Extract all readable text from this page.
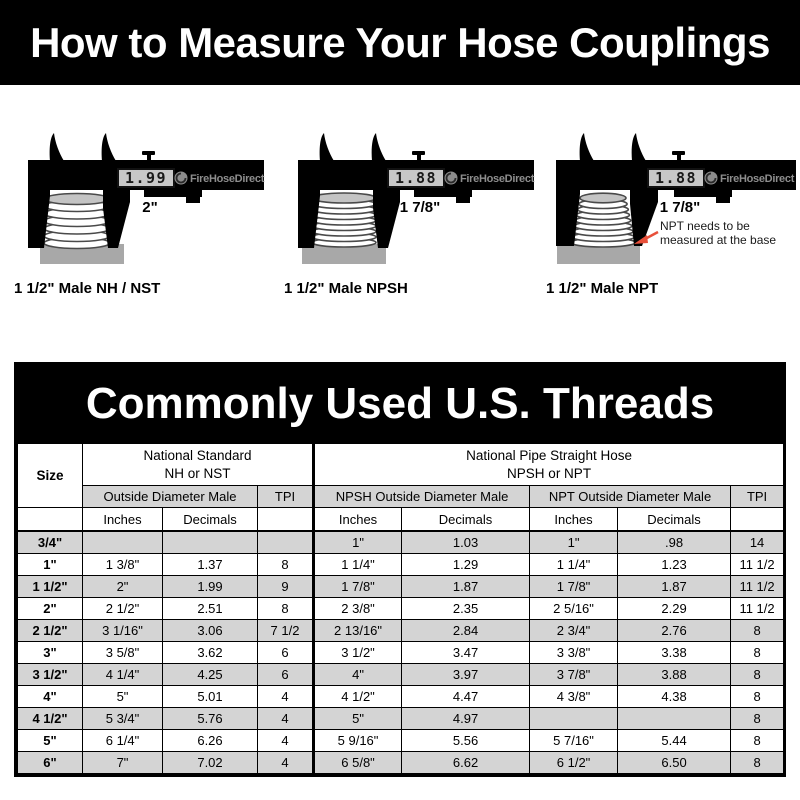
How to Measure Your Hose Couplings
1.99 FireHoseDirect
2"
1 1/2" Male NH / NST
1.88 FireHoseDirect
1 7/8"
1 1/2" Male NPSH
1.88 FireHoseDirect
1 7/8"
NPT needs to be
measured at the base
1 1/2" Male NPT
Commonly Used U.S. Threads
Size	
National Standard
NH or NST

National Pipe Straight Hose
NPSH or NPT

	Outside Diameter Male		TPI	NPSH Outside Diameter Male		NPT Outside Diameter Male		TPI
	Inches	Decimals		Inches	Decimals	Inches	Decimals	
3/4"				1"	1.03	1"	.98	14
1"	1 3/8"	1.37	8	1 1/4"	1.29	1 1/4"	1.23	11 1/2
1 1/2"	2"	1.99	9	1 7/8"	1.87	1 7/8"	1.87	11 1/2
2"	2 1/2"	2.51	8	2 3/8"	2.35	2 5/16"	2.29	11 1/2
2 1/2"	3 1/16"	3.06	7 1/2	2 13/16"	2.84	2 3/4"	2.76	8
3"	3 5/8"	3.62	6	3 1/2"	3.47	3 3/8"	3.38	8
3 1/2"	4 1/4"	4.25	6	4"	3.97	3 7/8"	3.88	8
4"	5"	5.01	4	4 1/2"	4.47	4 3/8"	4.38	8
4 1/2"	5 3/4"	5.76	4	5"	4.97			8
5"	6 1/4"	6.26	4	5 9/16"	5.56	5 7/16"	5.44	8
6"	7"	7.02	4	6 5/8"	6.62	6 1/2"	6.50	8
